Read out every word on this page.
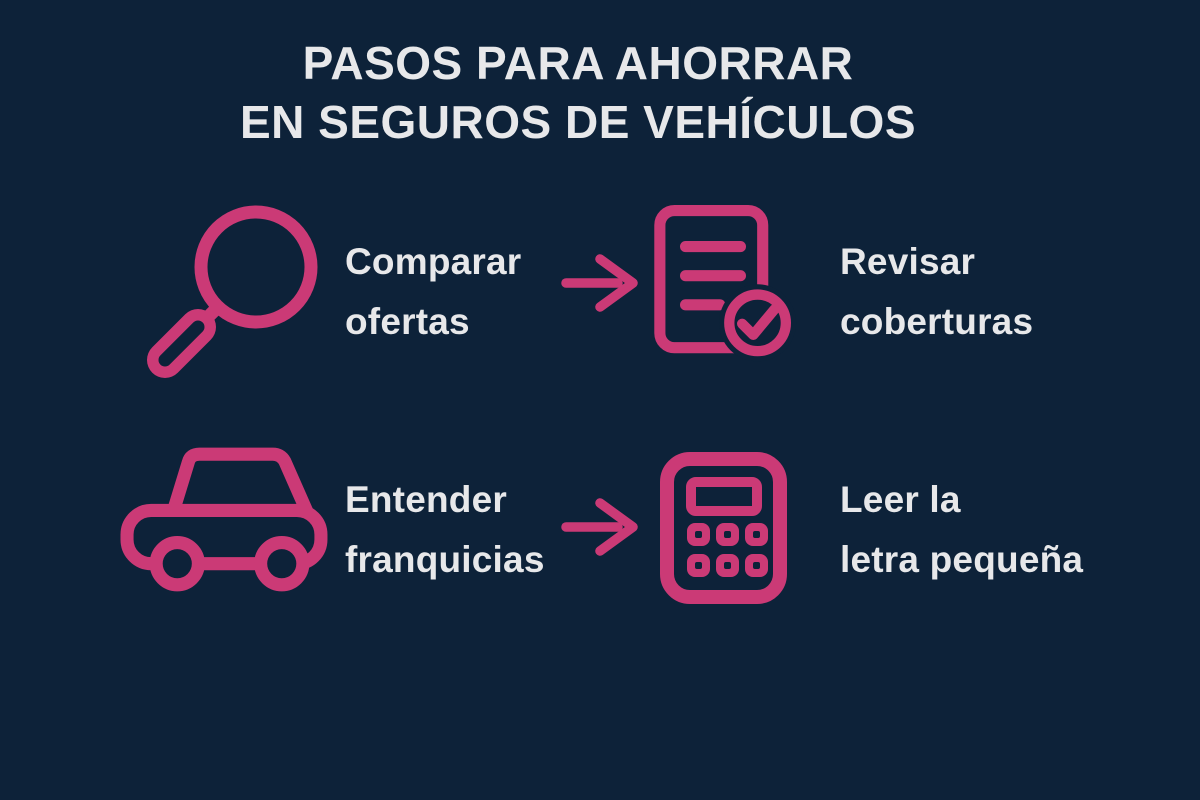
PASOS PARA AHORRAR
EN SEGUROS DE VEHÍCULOS
Comparar
ofertas
Revisar
coberturas
Entender
franquicias
Leer la
letra pequeña
